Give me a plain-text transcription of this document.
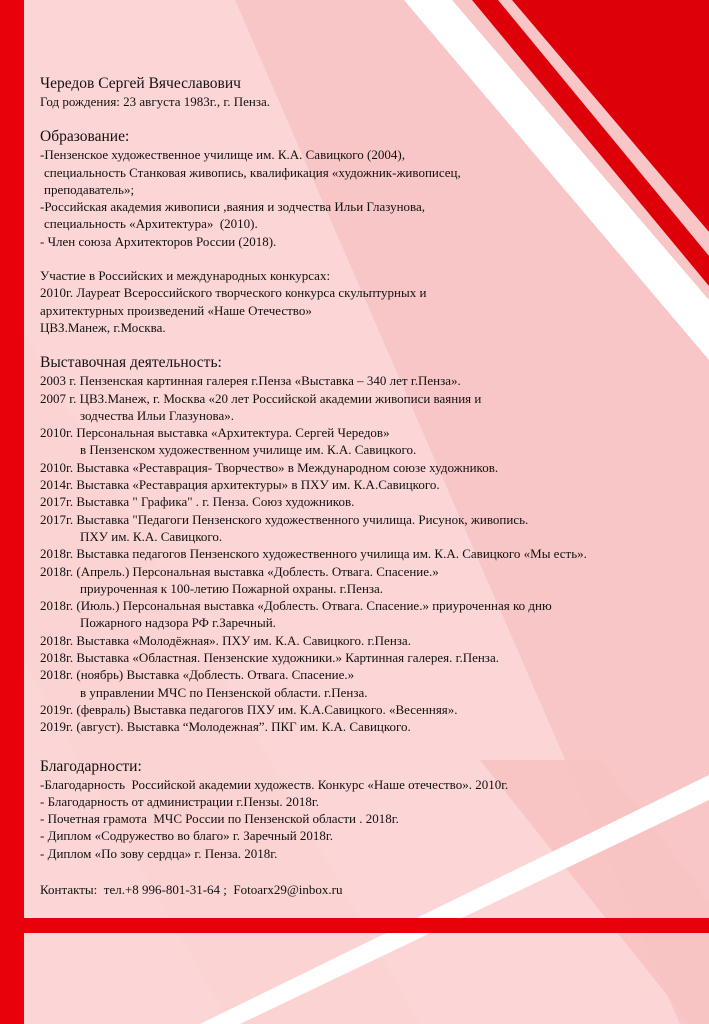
Чередов Сергей Вячеславович
Год рождения: 23 августа 1983г., г. Пенза.
Образование:
-Пензенское художественное училище им. К.А. Савицкого (2004),
специальность Станковая живопись, квалификация «художник-живописец,
преподаватель»;
-Российская академия живописи ,ваяния и зодчества Ильи Глазунова,
специальность «Архитектура»  (2010).
- Член союза Архитекторов России (2018).
Участие в Российских и международных конкурсах:
2010г. Лауреат Всероссийского творческого конкурса скульптурных и
архитектурных произведений «Наше Отечество»
ЦВЗ.Манеж, г.Москва.
Выставочная деятельность:
2003 г. Пензенская картинная галерея г.Пенза «Выставка – 340 лет г.Пенза».
2007 г. ЦВЗ.Манеж, г. Москва «20 лет Российской академии живописи ваяния и
зодчества Ильи Глазунова».
2010г. Персональная выставка «Архитектура. Сергей Чередов»
в Пензенском художественном училище им. К.А. Савицкого.
2010г. Выставка «Реставрация- Творчество» в Международном союзе художников.
2014г. Выставка «Реставрация архитектуры» в ПХУ им. К.А.Савицкого.
2017г. Выставка " Графика" . г. Пенза. Союз художников.
2017г. Выставка "Педагоги Пензенского художественного училища. Рисунок, живопись.
ПХУ им. К.А. Савицкого.
2018г. Выставка педагогов Пензенского художественного училища им. К.А. Савицкого «Мы есть».
2018г. (Апрель.) Персональная выставка «Доблесть. Отвага. Спасение.»
приуроченная к 100-летию Пожарной охраны. г.Пенза.
2018г. (Июль.) Персональная выставка «Доблесть. Отвага. Спасение.» приуроченная ко дню
Пожарного надзора РФ г.Заречный.
2018г. Выставка «Молодёжная». ПХУ им. К.А. Савицкого. г.Пенза.
2018г. Выставка «Областная. Пензенские художники.» Картинная галерея. г.Пенза.
2018г. (ноябрь) Выставка «Доблесть. Отвага. Спасение.»
в управлении МЧС по Пензенской области. г.Пенза.
2019г. (февраль) Выставка педагогов ПХУ им. К.А.Савицкого. «Весенняя».
2019г. (август). Выставка “Молодежная”. ПКГ им. К.А. Савицкого.
Благодарности:
-Благодарность  Российской академии художеств. Конкурс «Наше отечество». 2010г.
- Благодарность от администрации г.Пензы. 2018г.
- Почетная грамота  МЧС России по Пензенской области . 2018г.
- Диплом «Содружество во благо» г. Заречный 2018г.
- Диплом «По зову сердца» г. Пенза. 2018г.
Контакты:  тел.+8 996-801-31-64 ;  Fotoarx29@inbox.ru
